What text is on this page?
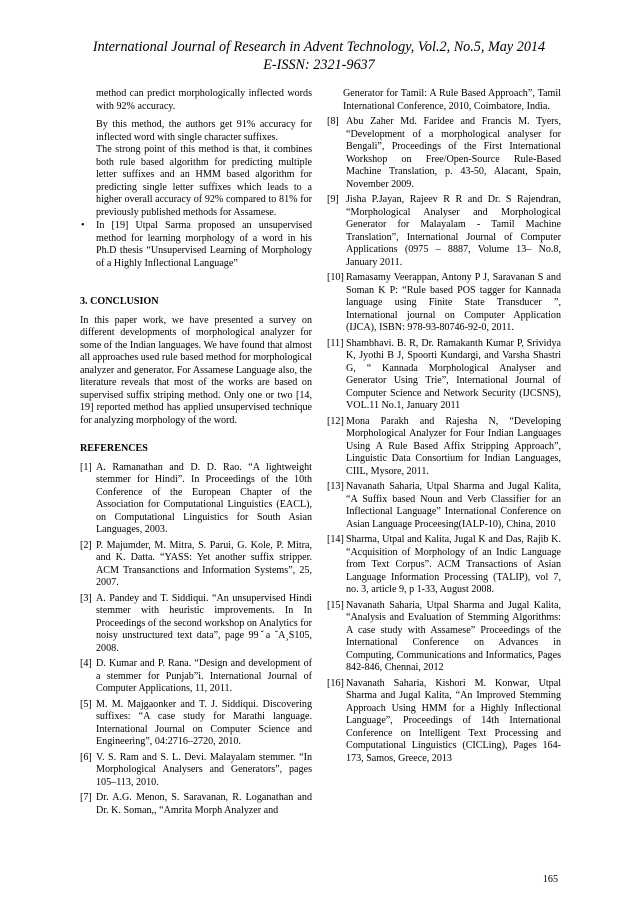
International Journal of Research in Advent Technology, Vol.2, No.5, May 2014
E-ISSN: 2321-9637

method can predict morphologically inflected words with 92% accuracy.

By this method, the authors get 91% accuracy for inflected word with single character suffixes.

The strong point of this method is that, it combines both rule based algorithm for predicting multiple letter suffixes and an HMM based algorithm for predicting single letter suffixes which leads to a higher overall accuracy of 92% compared to 81% for previously published methods for Assamese.

• In [19] Utpal Sarma proposed an unsupervised method for learning morphology of a word in his Ph.D thesis “Unsupervised Learning of Morphology of a Highly Inflectional Language”

3. CONCLUSION

In this paper work, we have presented a survey on different developments of morphological analyzer for some of the Indian languages. We have found that almost all approaches used rule based method for morphological analyzer and generator. For Assamese Language also, the literature reveals that most of the works are based on supervised suffix striping method. Only one or two [14, 19] reported method has applied unsupervised technique for analyzing morphology of the word.

REFERENCES

[1] A. Ramanathan and D. D. Rao. “A lightweight stemmer for Hindi”. In Proceedings of the 10th Conference of the European Chapter of the Association for Computational Linguistics (EACL), on Computational Linguistics for South Asian Languages, 2003.
[2] P. Majumder, M. Mitra, S. Parui, G. Kole, P. Mitra, and K. Datta. “YASS: Yet another suffix stripper. ACM Transanctions and Information Systems”, 25, 2007.
[3] A. Pandey and T. Siddiqui. “An unsupervised Hindi stemmer with heuristic improvements. In In Proceedings of the second workshop on Analytics for noisy unstructured text data”, page 99ˇa ˘A¸S105, 2008.
[4] D. Kumar and P. Rana. “Design and development of a stemmer for Punjab”i. International Journal of Computer Applications, 11, 2011.
[5] M. M. Majgaonker and T. J. Siddiqui. Discovering suffixes: “A case study for Marathi language. International Journal on Computer Science and Engineering”, 04:2716–2720, 2010.
[6] V. S. Ram and S. L. Devi. Malayalam stemmer. “In Morphological Analysers and Generators”, pages 105–113, 2010.
[7] Dr. A.G. Menon, S. Saravanan, R. Loganathan and Dr. K. Soman,, “Amrita Morph Analyzer and

Generator for Tamil: A Rule Based Approach”, Tamil International Conference, 2010, Coimbatore, India.

[8] Abu Zaher Md. Faridee and Francis M. Tyers, “Development of a morphological analyser for Bengali”, Proceedings of the First International Workshop on Free/Open-Source Rule-Based Machine Translation, p. 43-50, Alacant, Spain, November 2009.
[9] Jisha P.Jayan, Rajeev R R and Dr. S Rajendran, “Morphological Analyser and Morphological Generator for Malayalam - Tamil Machine Translation”, International Journal of Computer Applications (0975 – 8887, Volume 13– No.8, January 2011.
[10] Ramasamy Veerappan, Antony P J, Saravanan S and Soman K P: “Rule based POS tagger for Kannada language using Finite State Transducer ”, International journal on Computer Application (IJCA), ISBN: 978-93-80746-92-0, 2011.
[11] Shambhavi. B. R, Dr. Ramakanth Kumar P, Srividya K, Jyothi B J, Spoorti Kundargi, and Varsha Shastri G, “ Kannada Morphological Analyser and Generator Using Trie”, International Journal of Computer Science and Network Security (IJCSNS), VOL.11 No.1, January 2011
[12] Mona Parakh and Rajesha N, “Developing Morphological Analyzer for Four Indian Languages Using A Rule Based Affix Stripping Approach”, Linguistic Data Consortium for Indian Languages, CIIL, Mysore, 2011.
[13] Navanath Saharia, Utpal Sharma and Jugal Kalita, “A Suffix based Noun and Verb Classifier for an Inflectional Language” International Conference on Asian Language Proceesing(IALP-10), China, 2010
[14] Sharma, Utpal and Kalita, Jugal K and Das, Rajib K. “Acquisition of Morphology of an Indic Language from Text Corpus”. ACM Transactions of Asian Language Information Processing (TALIP), vol 7, no. 3, article 9, p 1-33, August 2008.
[15] Navanath Saharia, Utpal Sharma and Jugal Kalita, “Analysis and Evaluation of Stemming Algorithms: A case study with Assamese” Proceedings of the International Conference on Advances in Computing, Communications and Informatics, Pages 842-846, Chennai, 2012
[16] Navanath Saharia, Kishori M. Konwar, Utpal Sharma and Jugal Kalita, “An Improved Stemming Approach Using HMM for a Highly Inflectional Language”, Proceedings of 14th International Conference on Intelligent Text Processing and Computational Linguistics (CICLing), Pages 164-173, Samos, Greece, 2013
165
